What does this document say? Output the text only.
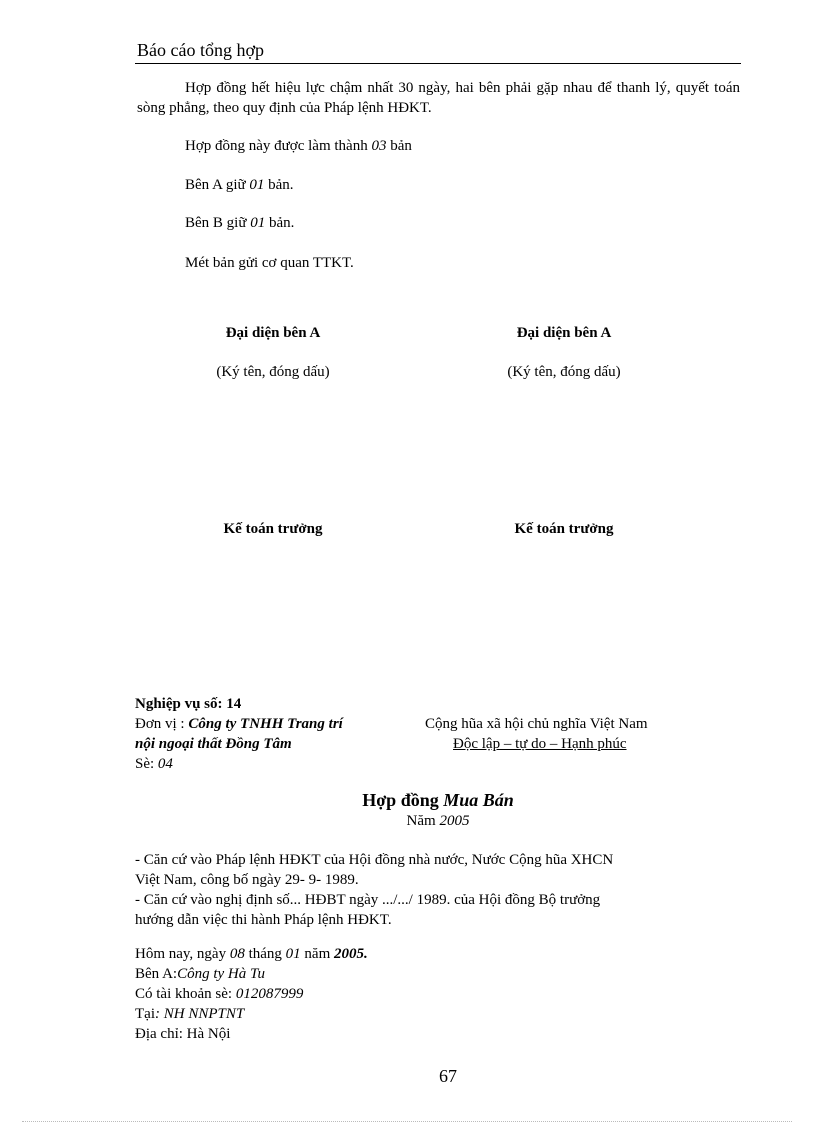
Báo cáo tổng hợp
Hợp đồng hết hiệu lực chậm nhất 30 ngày, hai bên phải gặp nhau để thanh lý, quyết toán sòng phẳng, theo quy định của Pháp lệnh HĐKT.
Hợp đồng này được làm thành 03 bản
Bên A giữ 01 bản.
Bên B giữ 01 bản.
Mét bản gửi cơ quan TTKT.
Đại diện bên A	Đại diện bên A
(Ký tên, đóng dấu)	(Ký tên, đóng dấu)
Kế toán trưởng	Kế toán trưởng
Nghiệp vụ số: 14
Đơn vị : Công ty TNHH Trang trí
nội ngoại thất Đồng Tâm
Sè: 04
Cộng hũa xã hội chủ nghĩa Việt Nam
Độc lập – tự do – Hạnh phúc
Hợp đồng Mua Bán
Năm 2005
- Căn cứ vào Pháp lệnh HĐKT của Hội đồng nhà nước, Nước Cộng hũa XHCN
Việt Nam, công bố ngày 29- 9- 1989.
- Căn cứ vào nghị định số... HĐBT ngày .../.../ 1989. của Hội đồng Bộ trưởng
hướng dẫn việc thi hành Pháp lệnh HĐKT.
Hôm nay, ngày 08 tháng 01 năm 2005.
Bên A:Công ty Hà Tu
Có tài khoản sè: 012087999
Tại: NH NNPTNT
Địa chỉ: Hà Nội
67
